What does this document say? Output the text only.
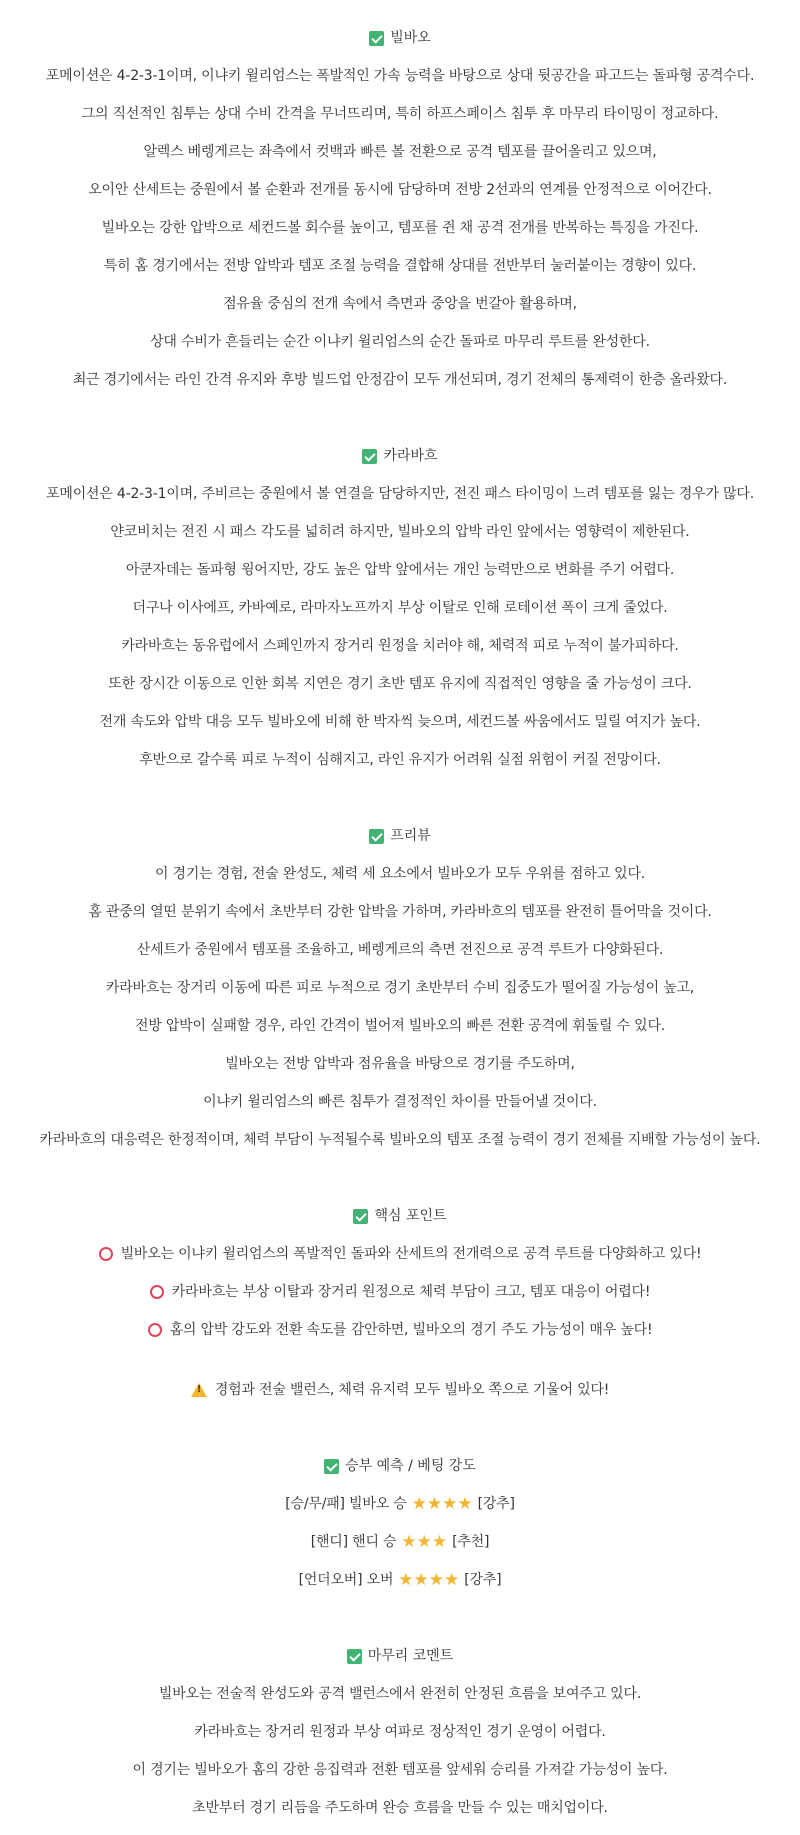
빌바오

포메이션은 4-2-3-1이며, 이냐키 윌리엄스는 폭발적인 가속 능력을 바탕으로 상대 뒷공간을 파고드는 돌파형 공격수다.

그의 직선적인 침투는 상대 수비 간격을 무너뜨리며, 특히 하프스페이스 침투 후 마무리 타이밍이 정교하다.

알렉스 베렝게르는 좌측에서 컷백과 빠른 볼 전환으로 공격 템포를 끌어올리고 있으며,

오이안 산세트는 중원에서 볼 순환과 전개를 동시에 담당하며 전방 2선과의 연계를 안정적으로 이어간다.

빌바오는 강한 압박으로 세컨드볼 회수를 높이고, 템포를 쥔 채 공격 전개를 반복하는 특징을 가진다.

특히 홈 경기에서는 전방 압박과 템포 조절 능력을 결합해 상대를 전반부터 눌러붙이는 경향이 있다.

점유율 중심의 전개 속에서 측면과 중앙을 번갈아 활용하며,

상대 수비가 흔들리는 순간 이냐키 윌리엄스의 순간 돌파로 마무리 루트를 완성한다.

최근 경기에서는 라인 간격 유지와 후방 빌드업 안정감이 모두 개선되며, 경기 전체의 통제력이 한층 올라왔다.

카라바흐

포메이션은 4-2-3-1이며, 주비르는 중원에서 볼 연결을 담당하지만, 전진 패스 타이밍이 느려 템포를 잃는 경우가 많다.

얀코비치는 전진 시 패스 각도를 넓히려 하지만, 빌바오의 압박 라인 앞에서는 영향력이 제한된다.

아쿤자데는 돌파형 윙어지만, 강도 높은 압박 앞에서는 개인 능력만으로 변화를 주기 어렵다.

더구나 이사에프, 카바예로, 라마자노프까지 부상 이탈로 인해 로테이션 폭이 크게 줄었다.

카라바흐는 동유럽에서 스페인까지 장거리 원정을 치러야 해, 체력적 피로 누적이 불가피하다.

또한 장시간 이동으로 인한 회복 지연은 경기 초반 템포 유지에 직접적인 영향을 줄 가능성이 크다.

전개 속도와 압박 대응 모두 빌바오에 비해 한 박자씩 늦으며, 세컨드볼 싸움에서도 밀릴 여지가 높다.

후반으로 갈수록 피로 누적이 심해지고, 라인 유지가 어려워 실점 위험이 커질 전망이다.

프리뷰

이 경기는 경험, 전술 완성도, 체력 세 요소에서 빌바오가 모두 우위를 점하고 있다.

홈 관중의 열띤 분위기 속에서 초반부터 강한 압박을 가하며, 카라바흐의 템포를 완전히 틀어막을 것이다.

산세트가 중원에서 템포를 조율하고, 베렝게르의 측면 전진으로 공격 루트가 다양화된다.

카라바흐는 장거리 이동에 따른 피로 누적으로 경기 초반부터 수비 집중도가 떨어질 가능성이 높고,

전방 압박이 실패할 경우, 라인 간격이 벌어져 빌바오의 빠른 전환 공격에 휘둘릴 수 있다.

빌바오는 전방 압박과 점유율을 바탕으로 경기를 주도하며,

이냐키 윌리엄스의 빠른 침투가 결정적인 차이를 만들어낼 것이다.

카라바흐의 대응력은 한정적이며, 체력 부담이 누적될수록 빌바오의 템포 조절 능력이 경기 전체를 지배할 가능성이 높다.

핵심 포인트
빌바오는 이냐키 윌리엄스의 폭발적인 돌파와 산세트의 전개력으로 공격 루트를 다양화하고 있다!
카라바흐는 부상 이탈과 장거리 원정으로 체력 부담이 크고, 템포 대응이 어렵다!
홈의 압박 강도와 전환 속도를 감안하면, 빌바오의 경기 주도 가능성이 매우 높다!
!
경험과 전술 밸런스, 체력 유지력 모두 빌바오 쪽으로 기울어 있다!
승부 예측 / 베팅 강도
[승/무/패] 빌바오 승 ★★★★ [강추]
[핸디] 핸디 승 ★★★ [추천]
[언더오버] 오버 ★★★★ [강추]
마무리 코멘트

빌바오는 전술적 완성도와 공격 밸런스에서 완전히 안정된 흐름을 보여주고 있다.

카라바흐는 장거리 원정과 부상 여파로 정상적인 경기 운영이 어렵다.

이 경기는 빌바오가 홈의 강한 응집력과 전환 템포를 앞세워 승리를 가져갈 가능성이 높다.

초반부터 경기 리듬을 주도하며 완승 흐름을 만들 수 있는 매치업이다.
